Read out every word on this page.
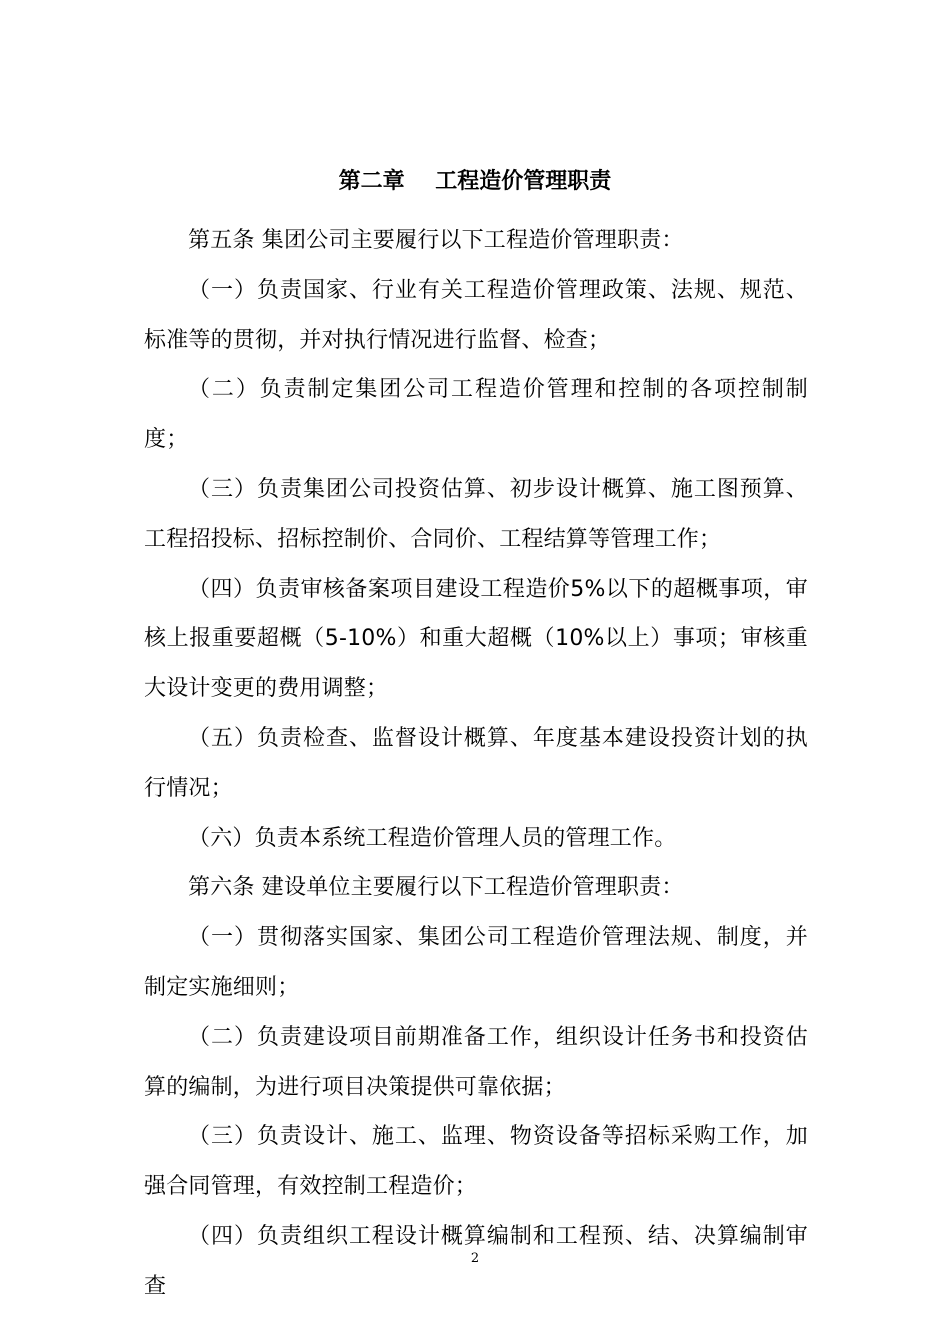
第二章    工程造价管理职责

第五条 集团公司主要履行以下工程造价管理职责：

（一）负责国家、行业有关工程造价管理政策、法规、规范、标准等的贯彻，并对执行情况进行监督、检查；

（二）负责制定集团公司工程造价管理和控制的各项控制制度；

（三）负责集团公司投资估算、初步设计概算、施工图预算、工程招投标、招标控制价、合同价、工程结算等管理工作；

（四）负责审核备案项目建设工程造价5%以下的超概事项，审核上报重要超概（5-10%）和重大超概（10%以上）事项；审核重大设计变更的费用调整；

（五）负责检查、监督设计概算、年度基本建设投资计划的执行情况；

（六）负责本系统工程造价管理人员的管理工作。

第六条 建设单位主要履行以下工程造价管理职责：

（一）贯彻落实国家、集团公司工程造价管理法规、制度，并制定实施细则；

（二）负责建设项目前期准备工作，组织设计任务书和投资估算的编制，为进行项目决策提供可靠依据；

（三）负责设计、施工、监理、物资设备等招标采购工作，加强合同管理，有效控制工程造价；

（四）负责组织工程设计概算编制和工程预、结、决算编制审查

2
